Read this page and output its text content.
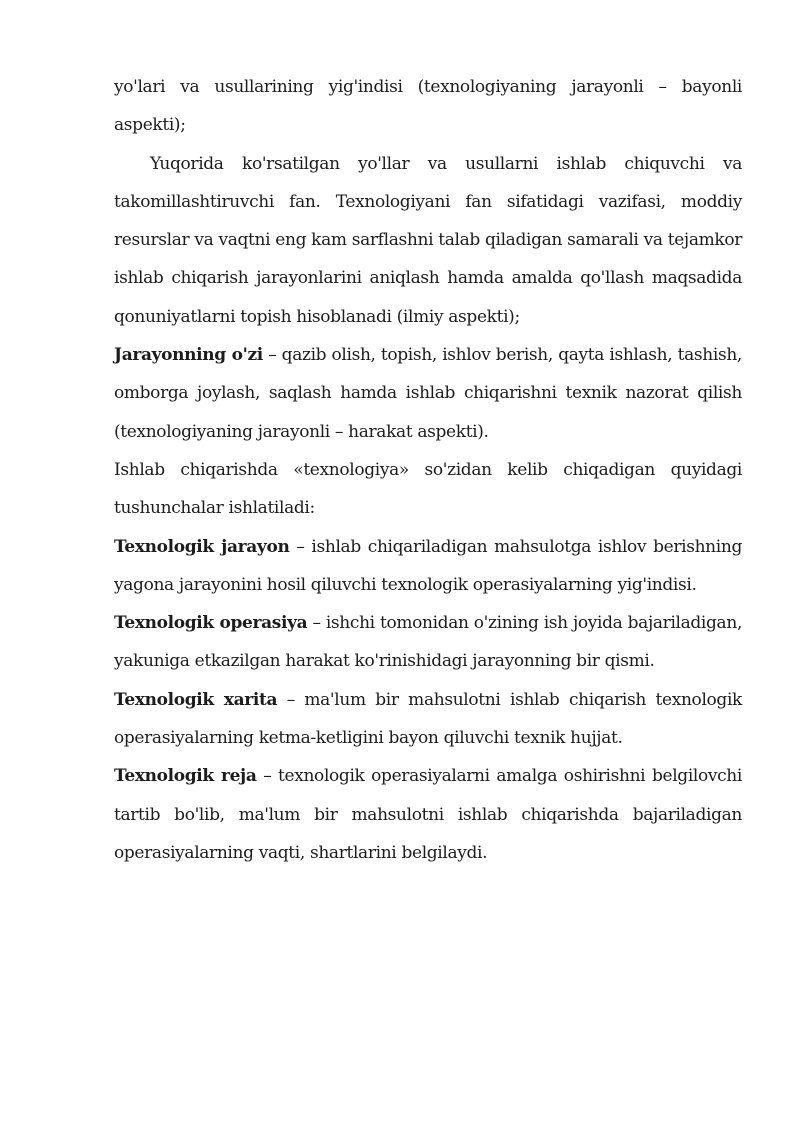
yo'lari va usullarining yig'indisi (texnologiyaning jarayonli – bayonli aspekti);

Yuqorida ko'rsatilgan yo'llar va usullarni ishlab chiquvchi va takomillashtiruvchi fan. Texnologiyani fan sifatidagi vazifasi, moddiy resurslar va vaqtni eng kam sarflashni talab qiladigan samarali va tejamkor ishlab chiqarish jarayonlarini aniqlash hamda amalda qo'llash maqsadida qonuniyatlarni topish hisoblanadi (ilmiy aspekti);

Jarayonning o'zi – qazib olish, topish, ishlov berish, qayta ishlash, tashish, omborga joylash, saqlash hamda ishlab chiqarishni texnik nazorat qilish (texnologiyaning jarayonli – harakat aspekti).

Ishlab chiqarishda «texnologiya» so'zidan kelib chiqadigan quyidagi tushunchalar ishlatiladi:

Texnologik jarayon – ishlab chiqariladigan mahsulotga ishlov berishning yagona jarayonini hosil qiluvchi texnologik operasiyalarning yig'indisi.

Texnologik operasiya – ishchi tomonidan o'zining ish joyida bajariladigan, yakuniga etkazilgan harakat ko'rinishidagi jarayonning bir qismi.

Texnologik xarita – ma'lum bir mahsulotni ishlab chiqarish texnologik operasiyalarning ketma-ketligini bayon qiluvchi texnik hujjat.

Texnologik reja – texnologik operasiyalarni amalga oshirishni belgilovchi tartib bo'lib, ma'lum bir mahsulotni ishlab chiqarishda bajariladigan operasiyalarning vaqti, shartlarini belgilaydi.
